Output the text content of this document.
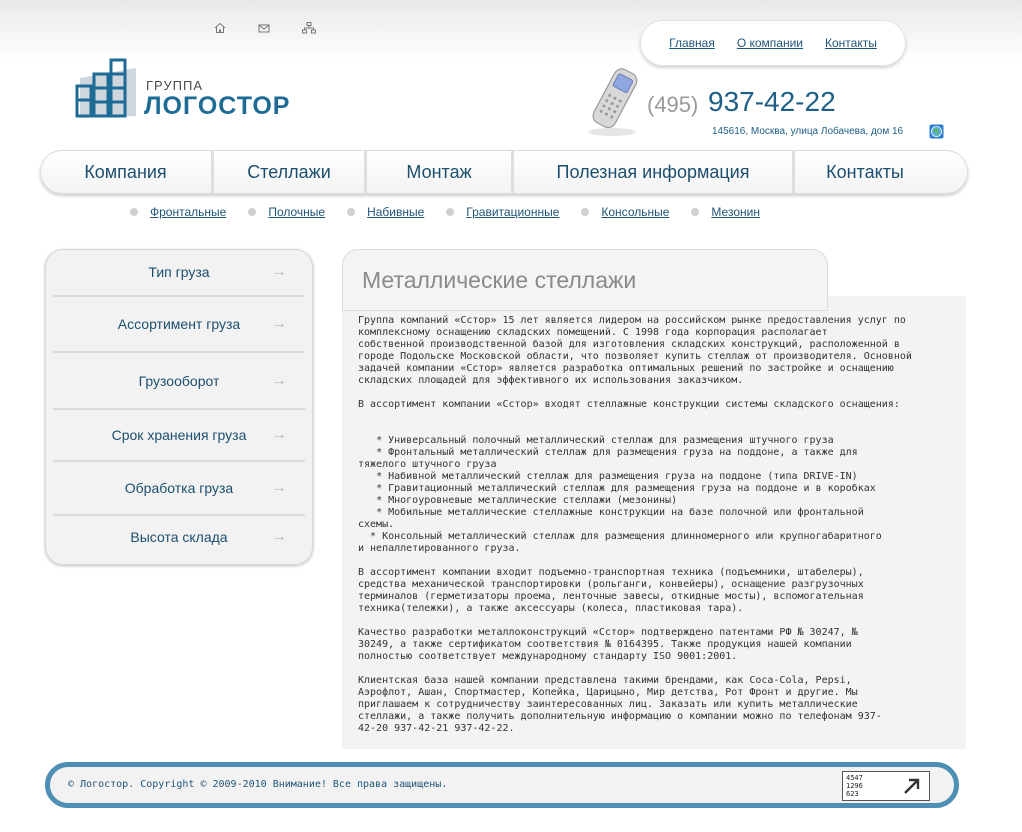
Главная О компании Контакты
ГРУППА
ЛОГОСТОР	(495) 937-42-22
145616, Москва, улица Лобачева, дом 16
Компания	Стеллажи	Монтаж	Полезная информация	Контакты
Фронтальные	Полочные	Набивные	Гравитационные	Консольные	Мезонин
Тип груза	→
Ассортимент груза →
Грузооборот	→
Срок хранения груза →
Обработка груза →
Высота склада	→
Металлические стеллажи
Группа компаний «Сстор» 15 лет является лидером на российском рынке предоставления услуг по
комплексному оснащению складских помещений. С 1998 года корпорация располагает
собственной производственной базой для изготовления складских конструкций, расположенной в
городе Подольске Московской области, что позволяет купить стеллаж от производителя. Основной
задачей компании «Сстор» является разработка оптимальных решений по застройке и оснащению
складских площадей для эффективного их использования заказчиком.

В ассортимент компании «Сстор» входят стеллажные конструкции системы складского оснащения:

* Универсальный полочный металлический стеллаж для размещения штучного груза
* Фронтальный металлический стеллаж для размещения груза на поддоне, а также для
тяжелого штучного груза
* Набивной металлический стеллаж для размещения груза на поддоне (типа DRIVE-IN)
* Гравитационный металлический стеллаж для размещения груза на поддоне и в коробках
* Многоуровневые металлические стеллажи (мезонины)
* Мобильные металлические стеллажные конструкции на базе полочной или фронтальной
схемы.
* Консольный металлический стеллаж для размещения длинномерного или крупногабаритного
и непаллетированного груза.

В ассортимент компании входит подъемно-транспортная техника (подъемники, штабелеры),
средства механической транспортировки (рольганги, конвейеры), оснащение разгрузочных
терминалов (герметизаторы проема, ленточные завесы, откидные мосты), вспомогательная
техника(тележки), а также аксессуары (колеса, пластиковая тара).

Качество разработки металлоконструкций «Сстор» подтверждено патентами РФ № 30247, №
30249, а также сертификатом соответствия № 0164395. Также продукция нашей компании
полностью соответствует международному стандарту ISO 9001:2001.

Клиентская база нашей компании представлена такими брендами, как Coca-Cola, Pepsi,
Аэрофлот, Ашан, Спортмастер, Копейка, Царицыно, Мир детства, Рот Фронт и другие. Мы
приглашаем к сотрудничеству заинтересованных лиц. Заказать или купить металлические
стеллажи, а также получить дополнительную информацию о компании можно по телефонам 937-
42-20 937-42-21 937-42-22.
© Логостор. Copyright © 2009-2010 Внимание! Все права защищены.
4547
1296
623
